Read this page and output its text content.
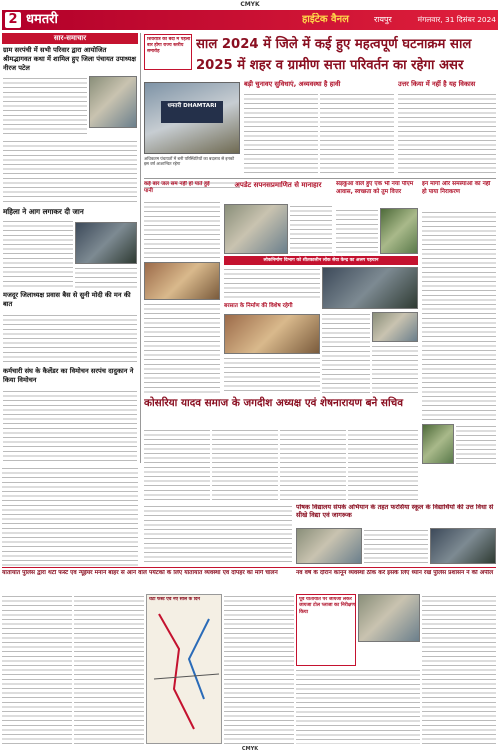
CMYK
2 धमतरी	हाईटेक वैनल	रायपुर	मंगलवार, 31 दिसंबर 2024
सार-समाचार
ग्राम सरपंची में सभी परिवार द्वारा आयोजित श्रीमद्भागवत कथा में शामिल हुए जिला पंचायत उपाध्यक्ष नीरज पटेल
महिला ने आग लगाकर दी जान
मजदूर जिलाध्यक्ष प्रवास बैस से सुनी मोदी की मन की बात
कर्मचारी संघ के कैलेंडर का विमोचन सरपंच दादुकान ने किया विमोचन
शिवरात्रि की बेदी में पहली बार होगा राज्य स्तरीय समारोह	साल 2024 में जिले में कई हुए महत्वपूर्ण घटनाक्रम साल 2025 में शहर व ग्रामीण सत्ता परिवर्तन का रहेगा असर
धमतरी DHAMTARI
अधिकतम पंचायतों में बनी परिस्थितियों का बदलाव से इनको इस वर्ष आशान्वित रहेगा
बड़ी चुनावए सुविधाएं, अव्यवस्था है हावी	उत्तर किया में नहीं है यह विकास
कई बार जल सम नहीं हो पाते हुई पानी
अपडेट सपनसप्रमाणित से मानाहार	सड़कुआ वाले हुए एक भी नया पीएम आवास, स्वच्छता को तुम वित्तर
इन मांगों और समस्याओं का नहीं हो पाया निराकरण
लोकनिर्माण विभाग को शीतकालीन लोक सेवा केन्द्र का अलग पहचान
बरसात के निर्माण की विशेष रहेगी
कोसरिया यादव समाज के जगदीश अध्यक्ष एवं शेषनारायण बने सचिव
पोषक विद्यालय संपर्क अभियान के तहत फरसिया स्कूल के विद्यार्थियों की उत्त विधा से सीखे विद्या एवं जागरूक
यातायात पुलिस द्वारा थर्टी फर्स्ट एवं न्यूईयर मनाने बाहर से आने वाले पर्यटकों के लिए यातायात व्यवस्था एवं दोपहर का मार्ग चालन
थर्टी फर्स्ट एवं नए साल के दिन
नव वर्ष के दौरान कानून व्यवस्था ठीक करे इसके लिए ध्यान रखें पुलिस प्रशासन ने की अपील
पूर्व यातायात पर जायजा लेकर जायजा टोल प्लाजा का निरीक्षण किया
CMYK
